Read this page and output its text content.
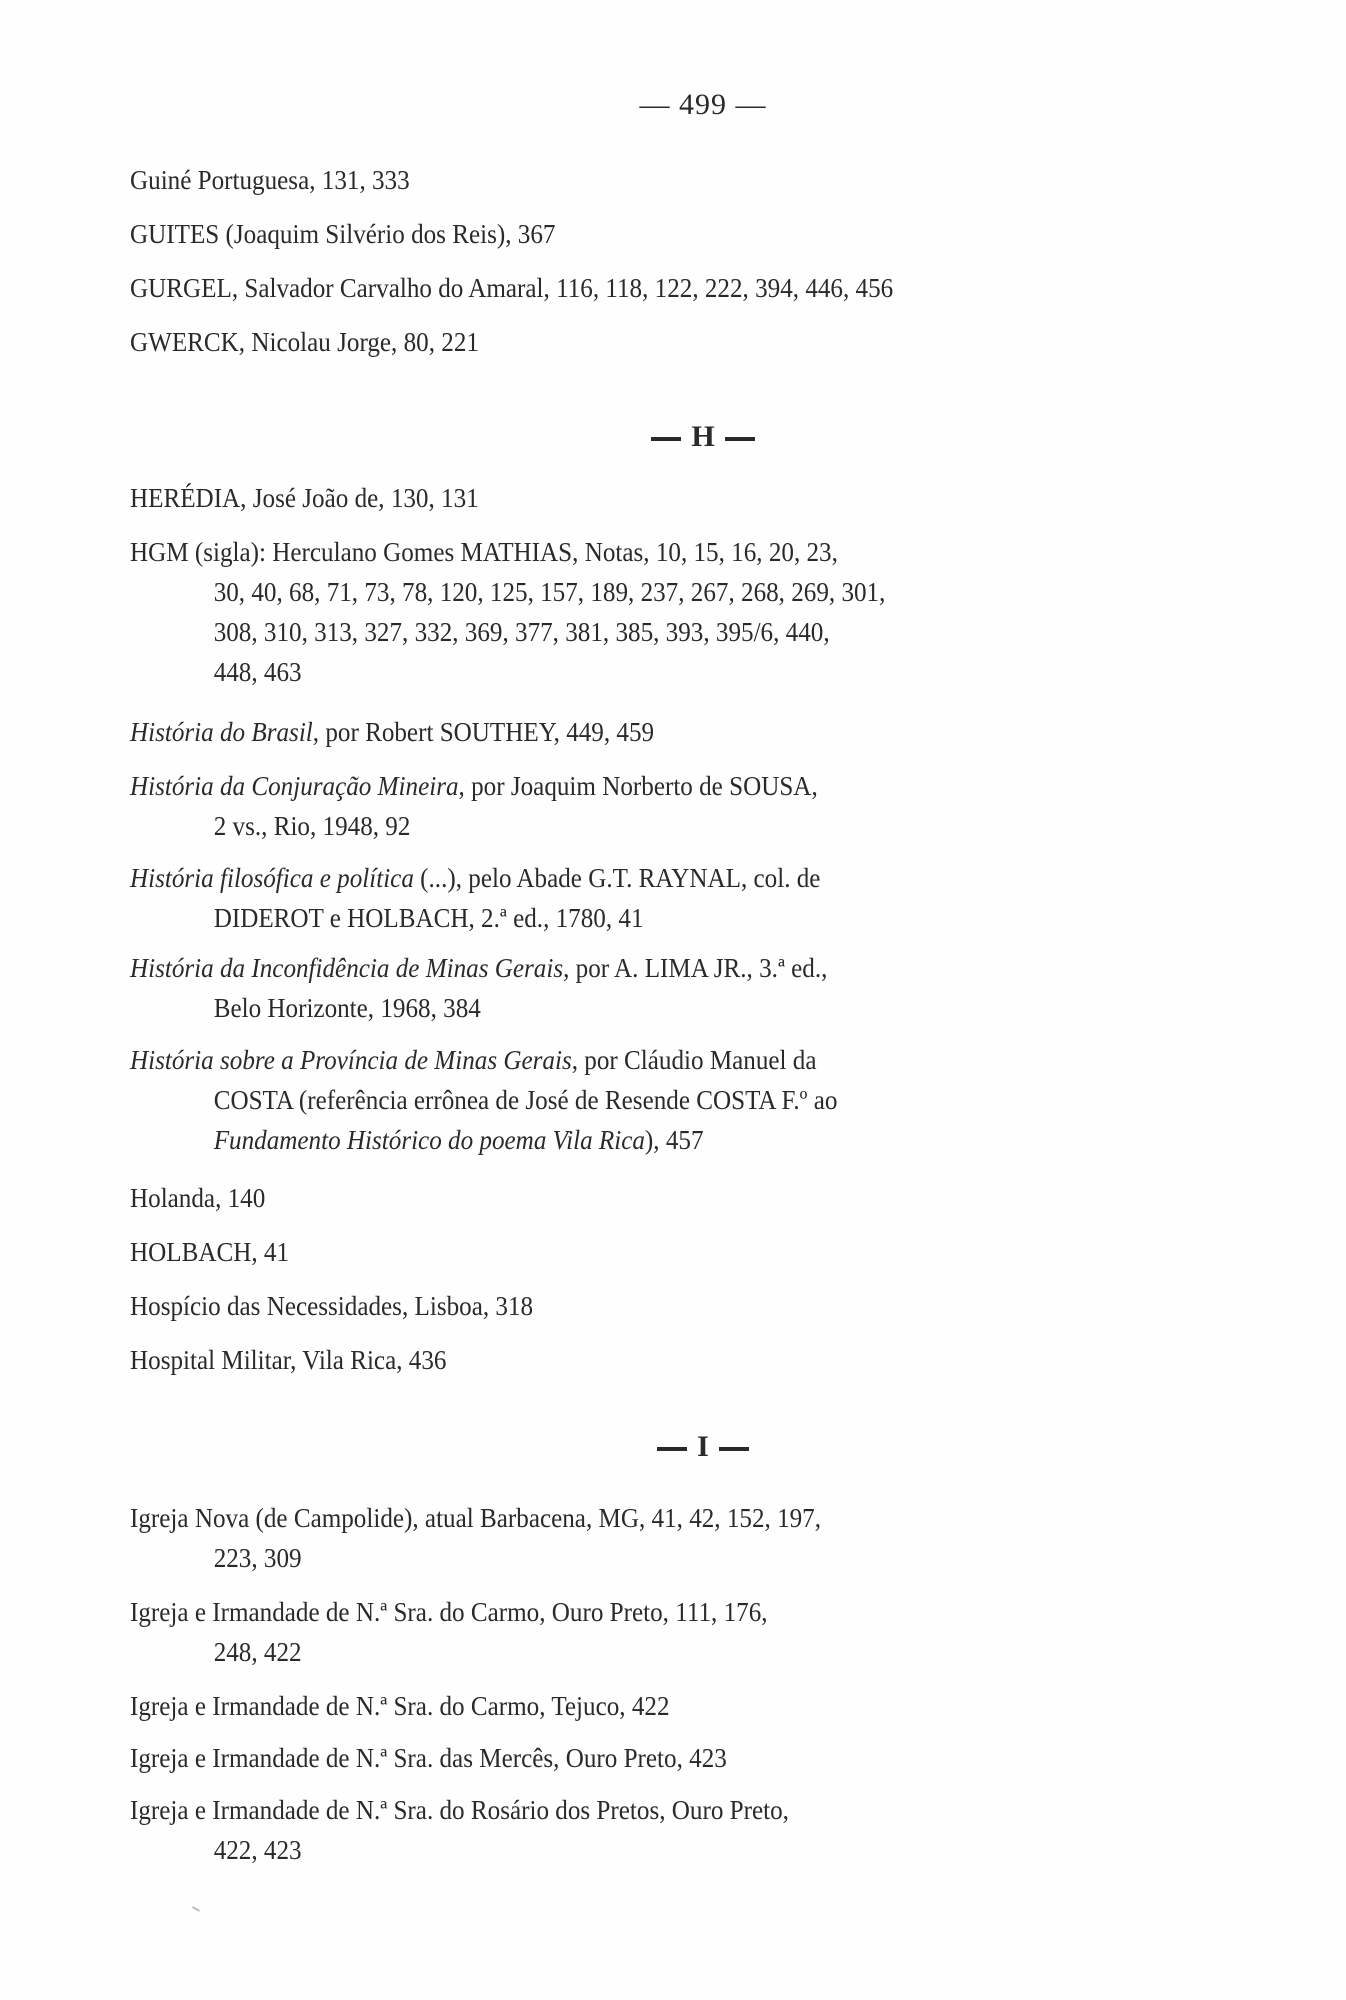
— 499 —
Guiné Portuguesa, 131, 333
GUITES (Joaquim Silvério dos Reis), 367
GURGEL, Salvador Carvalho do Amaral, 116, 118, 122, 222, 394, 446, 456
GWERCK, Nicolau Jorge, 80, 221
H
HERÉDIA, José João de, 130, 131
HGM (sigla): Herculano Gomes MATHIAS, Notas, 10, 15, 16, 20, 23,
30, 40, 68, 71, 73, 78, 120, 125, 157, 189, 237, 267, 268, 269, 301,
308, 310, 313, 327, 332, 369, 377, 381, 385, 393, 395/6, 440,
448, 463
História do Brasil, por Robert SOUTHEY, 449, 459
História da Conjuração Mineira, por Joaquim Norberto de SOUSA,
2 vs., Rio, 1948, 92
História filosófica e política (...), pelo Abade G.T. RAYNAL, col. de
DIDEROT e HOLBACH, 2.ª ed., 1780, 41
História da Inconfidência de Minas Gerais, por A. LIMA JR., 3.ª ed.,
Belo Horizonte, 1968, 384
História sobre a Província de Minas Gerais, por Cláudio Manuel da
COSTA (referência errônea de José de Resende COSTA F.º ao
Fundamento Histórico do poema Vila Rica), 457
Holanda, 140
HOLBACH, 41
Hospício das Necessidades, Lisboa, 318
Hospital Militar, Vila Rica, 436
I
Igreja Nova (de Campolide), atual Barbacena, MG, 41, 42, 152, 197,
223, 309
Igreja e Irmandade de N.ª Sra. do Carmo, Ouro Preto, 111, 176,
248, 422
Igreja e Irmandade de N.ª Sra. do Carmo, Tejuco, 422
Igreja e Irmandade de N.ª Sra. das Mercês, Ouro Preto, 423
Igreja e Irmandade de N.ª Sra. do Rosário dos Pretos, Ouro Preto,
422, 423
